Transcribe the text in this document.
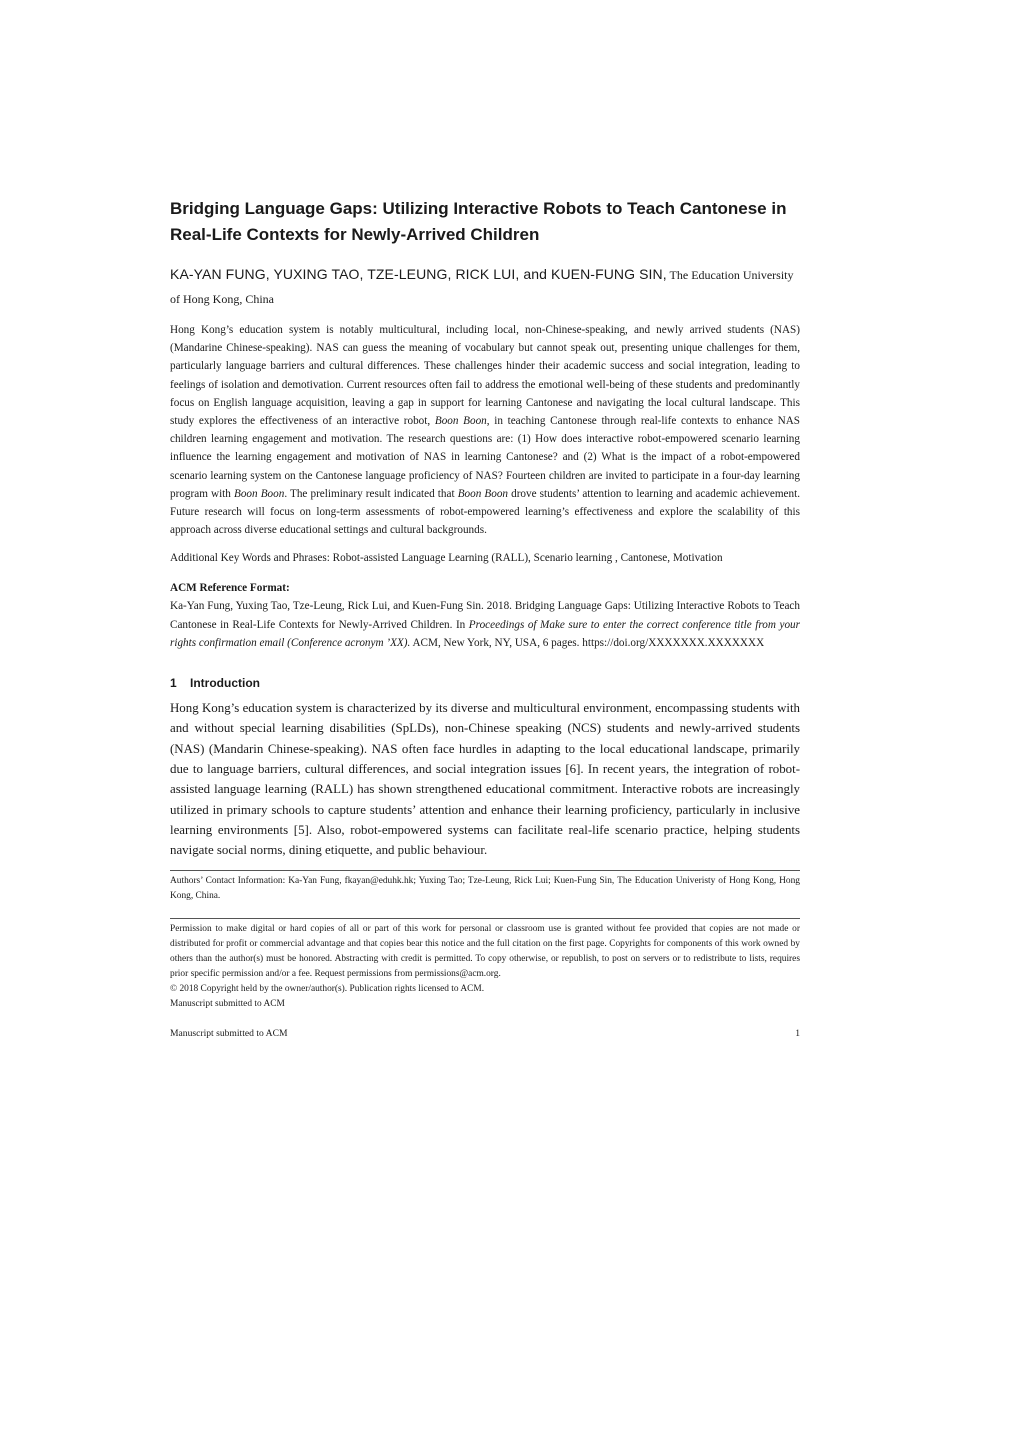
Bridging Language Gaps: Utilizing Interactive Robots to Teach Cantonese in Real-Life Contexts for Newly-Arrived Children
KA-YAN FUNG, YUXING TAO, TZE-LEUNG, RICK LUI, and KUEN-FUNG SIN, The Education University of Hong Kong, China
Hong Kong’s education system is notably multicultural, including local, non-Chinese-speaking, and newly arrived students (NAS) (Mandarine Chinese-speaking). NAS can guess the meaning of vocabulary but cannot speak out, presenting unique challenges for them, particularly language barriers and cultural differences. These challenges hinder their academic success and social integration, leading to feelings of isolation and demotivation. Current resources often fail to address the emotional well-being of these students and predominantly focus on English language acquisition, leaving a gap in support for learning Cantonese and navigating the local cultural landscape. This study explores the effectiveness of an interactive robot, Boon Boon, in teaching Cantonese through real-life contexts to enhance NAS children learning engagement and motivation. The research questions are: (1) How does interactive robot-empowered scenario learning influence the learning engagement and motivation of NAS in learning Cantonese? and (2) What is the impact of a robot-empowered scenario learning system on the Cantonese language proficiency of NAS? Fourteen children are invited to participate in a four-day learning program with Boon Boon. The preliminary result indicated that Boon Boon drove students’ attention to learning and academic achievement. Future research will focus on long-term assessments of robot-empowered learning’s effectiveness and explore the scalability of this approach across diverse educational settings and cultural backgrounds.
Additional Key Words and Phrases: Robot-assisted Language Learning (RALL), Scenario learning , Cantonese, Motivation
ACM Reference Format:
Ka-Yan Fung, Yuxing Tao, Tze-Leung, Rick Lui, and Kuen-Fung Sin. 2018. Bridging Language Gaps: Utilizing Interactive Robots to Teach Cantonese in Real-Life Contexts for Newly-Arrived Children. In Proceedings of Make sure to enter the correct conference title from your rights confirmation email (Conference acronym ’XX). ACM, New York, NY, USA, 6 pages. https://doi.org/XXXXXXX.XXXXXXX
1 Introduction
Hong Kong’s education system is characterized by its diverse and multicultural environment, encompassing students with and without special learning disabilities (SpLDs), non-Chinese speaking (NCS) students and newly-arrived students (NAS) (Mandarin Chinese-speaking). NAS often face hurdles in adapting to the local educational landscape, primarily due to language barriers, cultural differences, and social integration issues [6]. In recent years, the integration of robot-assisted language learning (RALL) has shown strengthened educational commitment. Interactive robots are increasingly utilized in primary schools to capture students’ attention and enhance their learning proficiency, particularly in inclusive learning environments [5]. Also, robot-empowered systems can facilitate real-life scenario practice, helping students navigate social norms, dining etiquette, and public behaviour.
Authors’ Contact Information: Ka-Yan Fung, fkayan@eduhk.hk; Yuxing Tao; Tze-Leung, Rick Lui; Kuen-Fung Sin, The Education Univeristy of Hong Kong, Hong Kong, China.
Permission to make digital or hard copies of all or part of this work for personal or classroom use is granted without fee provided that copies are not made or distributed for profit or commercial advantage and that copies bear this notice and the full citation on the first page. Copyrights for components of this work owned by others than the author(s) must be honored. Abstracting with credit is permitted. To copy otherwise, or republish, to post on servers or to redistribute to lists, requires prior specific permission and/or a fee. Request permissions from permissions@acm.org.
© 2018 Copyright held by the owner/author(s). Publication rights licensed to ACM.
Manuscript submitted to ACM
Manuscript submitted to ACM	1
